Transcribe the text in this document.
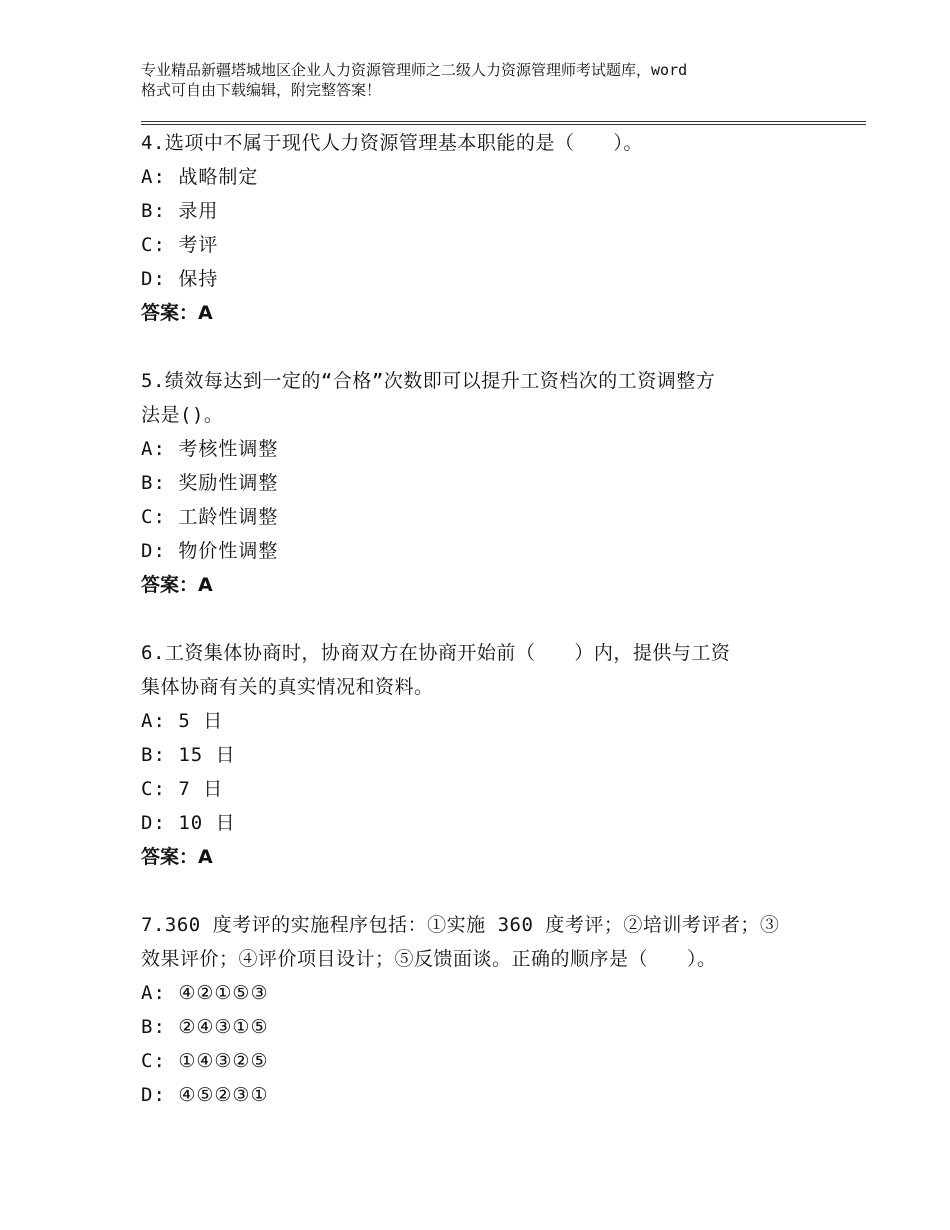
专业精品新疆塔城地区企业人力资源管理师之二级人力资源管理师考试题库，word
格式可自由下载编辑，附完整答案！
4.选项中不属于现代人力资源管理基本职能的是（　　）。
A: 战略制定
B: 录用
C: 考评
D: 保持
答案：A
5.绩效每达到一定的“合格”次数即可以提升工资档次的工资调整方
法是()。
A: 考核性调整
B: 奖励性调整
C: 工龄性调整
D: 物价性调整
答案：A
6.工资集体协商时，协商双方在协商开始前（　　）内，提供与工资
集体协商有关的真实情况和资料。
A: 5 日
B: 15 日
C: 7 日
D: 10 日
答案：A
7.360 度考评的实施程序包括：①实施 360 度考评；②培训考评者；③
效果评价；④评价项目设计；⑤反馈面谈。正确的顺序是（　　）。
A: ④②①⑤③
B: ②④③①⑤
C: ①④③②⑤
D: ④⑤②③①
